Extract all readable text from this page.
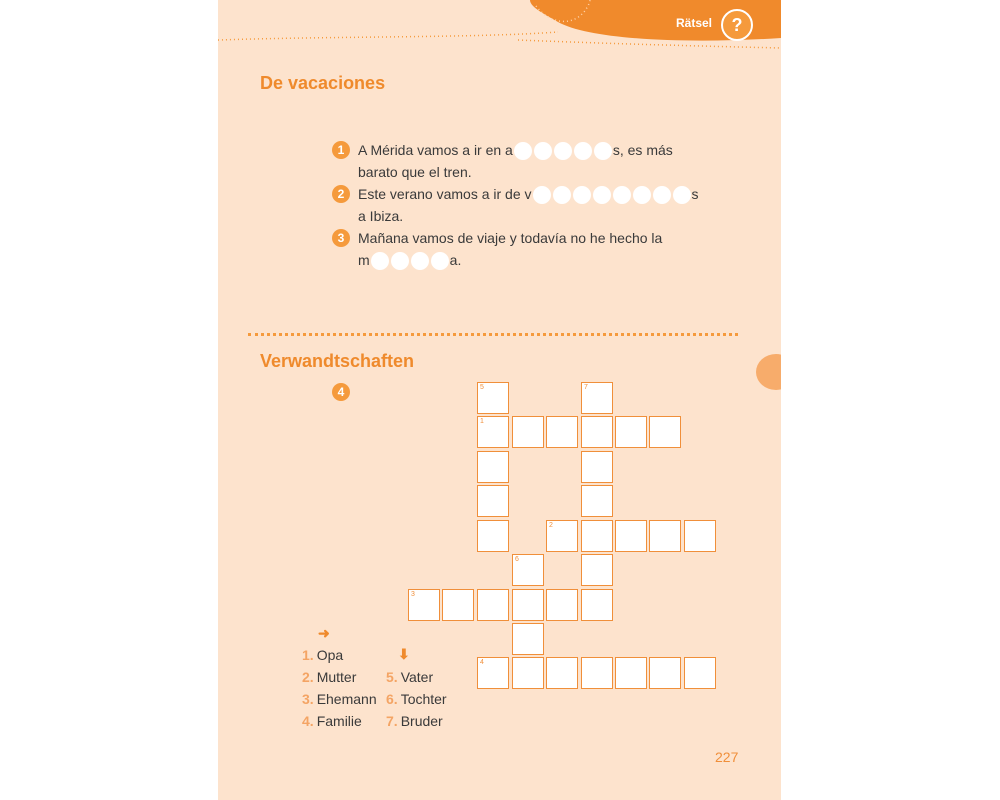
Rätsel	?
De vacaciones
1 A Mérida vamos a ir en a	s, es más
barato que el tren.
2 Este verano vamos a ir de v	s
a Ibiza.
3 Mañana vamos de viaje y todavía no he hecho la
m	a.
Verwandtschaften
4	5	7
1
2
6
3
4
➜
⬇
1. Opa
2. Mutter
3. Ehemann
4. Familie
5. Vater
6. Tochter
7. Bruder
227
